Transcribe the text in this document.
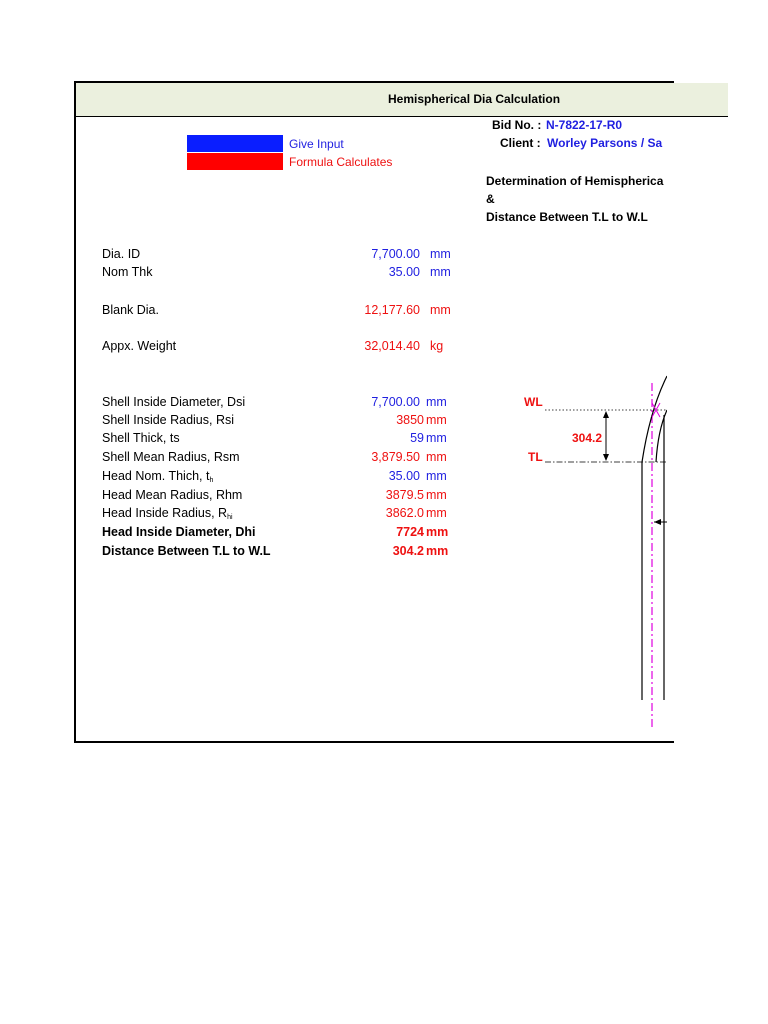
Hemispherical Dia Calculation
Bid No. : N-7822-17-R0
Client : Worley Parsons / Sa
Give Input
Formula Calculates
Determination of Hemispherica
&
Distance Between T.L to W.L
Dia. ID	7,700.00 mm
Nom Thk	35.00 mm
Blank Dia.	12,177.60 mm
Appx. Weight	32,014.40 kg
Shell Inside Diameter, Dsi	7,700.00 mm
Shell Inside Radius, Rsi	3850 mm
Shell Thick, ts	59 mm
Shell Mean Radius, Rsm	3,879.50 mm
Head Nom. Thich, $t_h$	35.00 mm
Head Mean Radius, Rhm	3879.5 mm
Head Inside Radius, $R_{hi}$	3862.0 mm
Head Inside Diameter, Dhi	7724 mm
Distance Between T.L to W.L	304.2 mm
WL
TL
304.2
